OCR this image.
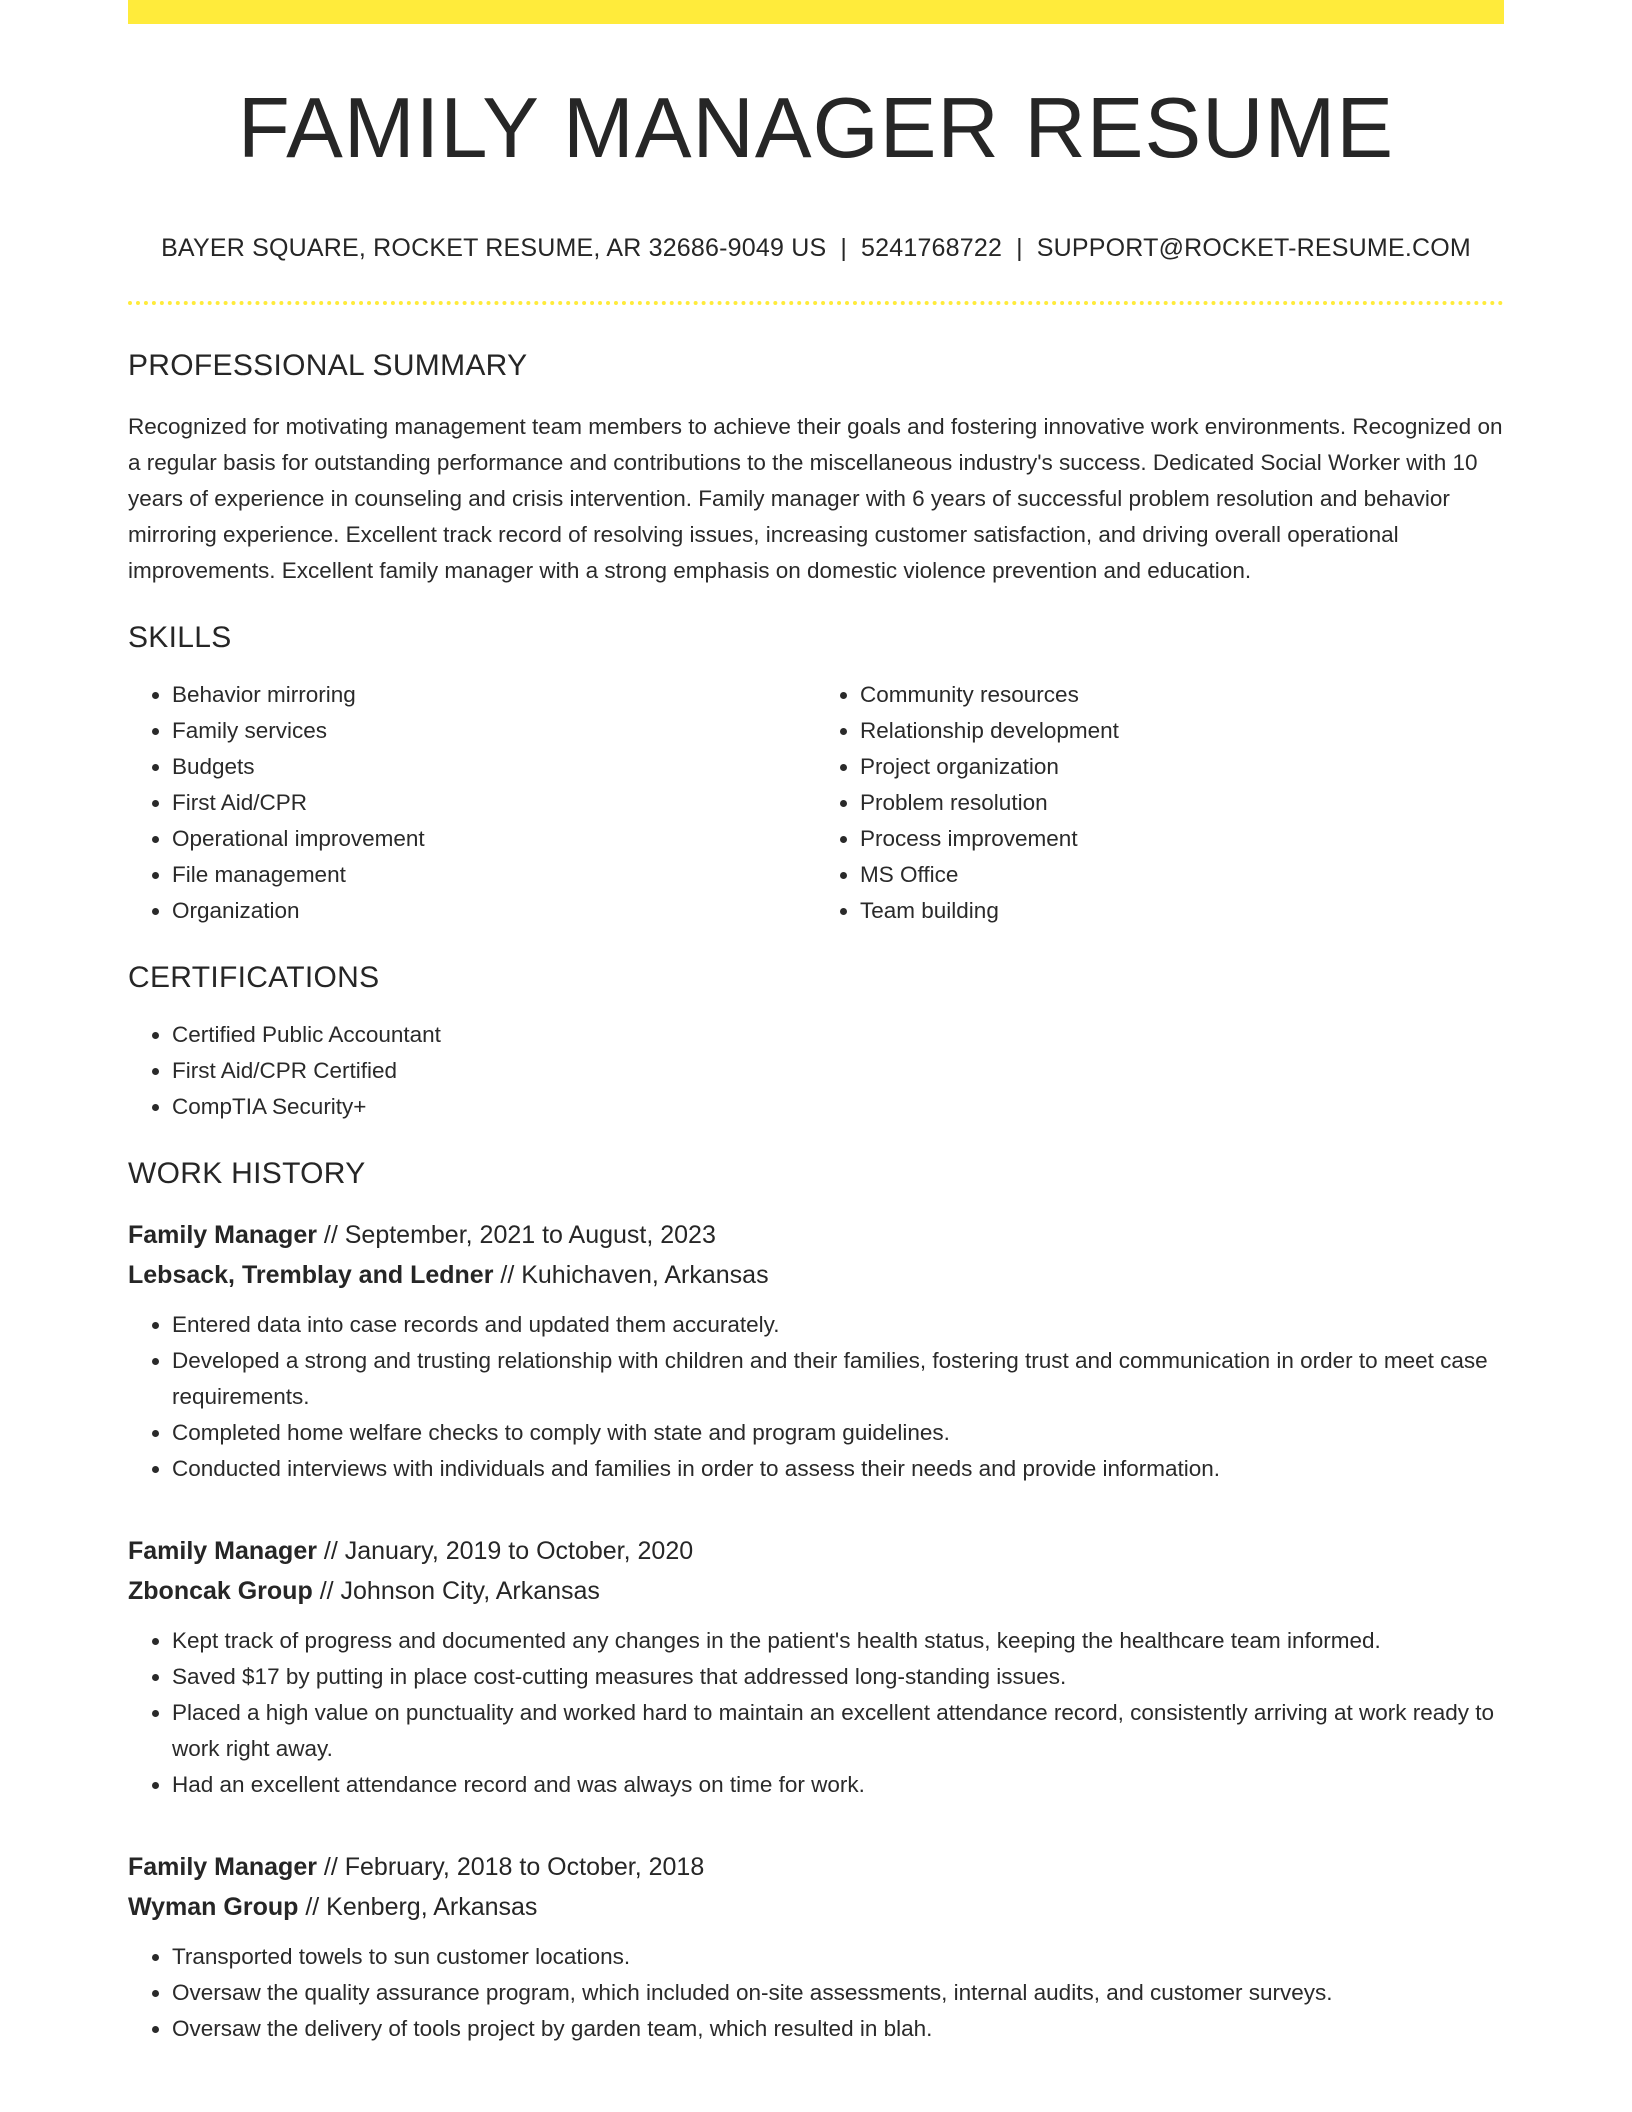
FAMILY MANAGER RESUME
BAYER SQUARE, ROCKET RESUME, AR 32686-9049 US | 5241768722 | SUPPORT@ROCKET-RESUME.COM
PROFESSIONAL SUMMARY

Recognized for motivating management team members to achieve their goals and fostering innovative work environments. Recognized on a regular basis for outstanding performance and contributions to the miscellaneous industry's success. Dedicated Social Worker with 10 years of experience in counseling and crisis intervention. Family manager with 6 years of successful problem resolution and behavior mirroring experience. Excellent track record of resolving issues, increasing customer satisfaction, and driving overall operational improvements. Excellent family manager with a strong emphasis on domestic violence prevention and education.

SKILLS
• Behavior mirroring
• Family services
• Budgets
• First Aid/CPR
• Operational improvement
• File management
• Organization
• Community resources
• Relationship development
• Project organization
• Problem resolution
• Process improvement
• MS Office
• Team building
CERTIFICATIONS
• Certified Public Accountant
• First Aid/CPR Certified
• CompTIA Security+
WORK HISTORY
Family Manager // September, 2021 to August, 2023
Lebsack, Tremblay and Ledner // Kuhichaven, Arkansas
• Entered data into case records and updated them accurately.
• Developed a strong and trusting relationship with children and their families, fostering trust and communication in order to meet case requirements.
• Completed home welfare checks to comply with state and program guidelines.
• Conducted interviews with individuals and families in order to assess their needs and provide information.
Family Manager // January, 2019 to October, 2020
Zboncak Group // Johnson City, Arkansas
• Kept track of progress and documented any changes in the patient's health status, keeping the healthcare team informed.
• Saved $17 by putting in place cost-cutting measures that addressed long-standing issues.
• Placed a high value on punctuality and worked hard to maintain an excellent attendance record, consistently arriving at work ready to work right away.
• Had an excellent attendance record and was always on time for work.
Family Manager // February, 2018 to October, 2018
Wyman Group // Kenberg, Arkansas
• Transported towels to sun customer locations.
• Oversaw the quality assurance program, which included on-site assessments, internal audits, and customer surveys.
• Oversaw the delivery of tools project by garden team, which resulted in blah.
